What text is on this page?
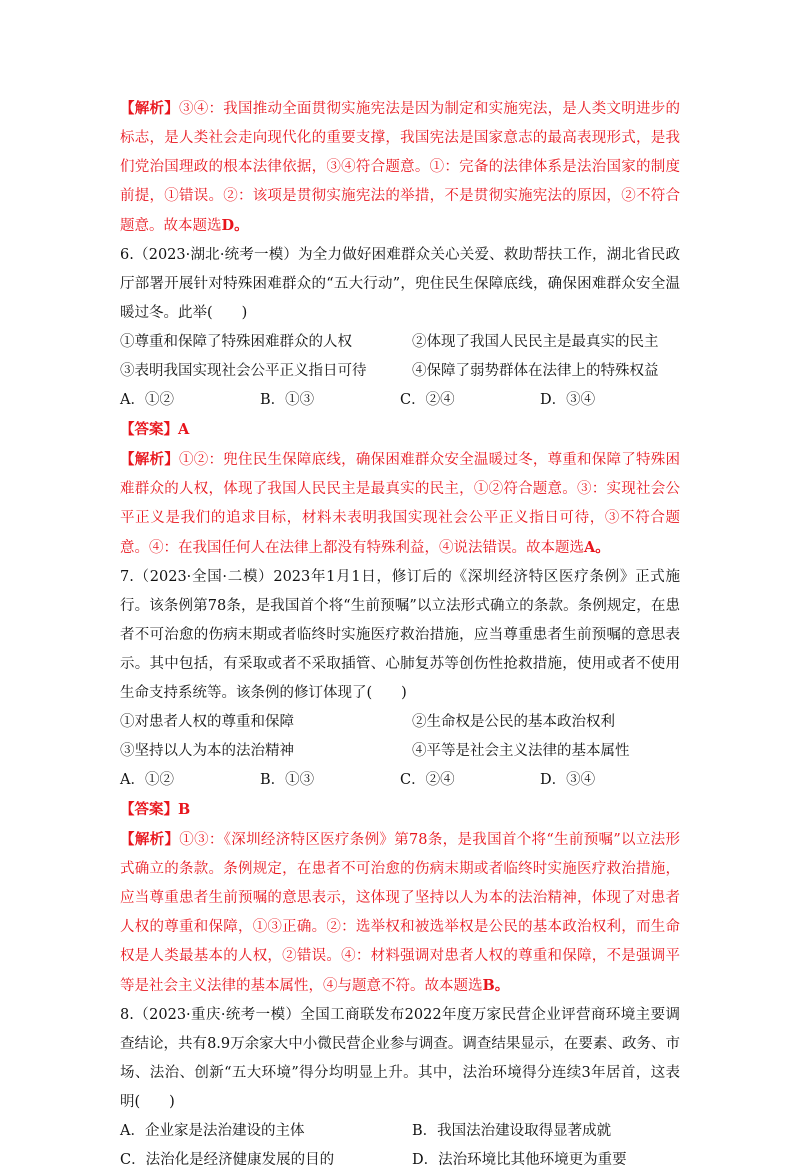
【解析】③④：我国推动全面贯彻实施宪法是因为制定和实施宪法，是人类文明进步的标志，是人类社会走向现代化的重要支撑，我国宪法是国家意志的最高表现形式，是我们党治国理政的根本法律依据，③④符合题意。①：完备的法律体系是法治国家的制度前提，①错误。②：该项是贯彻实施宪法的举措，不是贯彻实施宪法的原因，②不符合题意。故本题选D。

6.（2023·湖北·统考一模）为全力做好困难群众关心关爱、救助帮扶工作，湖北省民政厅部署开展针对特殊困难群众的“五大行动”，兜住民生保障底线，确保困难群众安全温暖过冬。此举(　　)

①尊重和保障了特殊困难群众的人权	②体现了我国人民民主是最真实的民主
③表明我国实现社会公平正义指日可待	④保障了弱势群体在法律上的特殊权益
A．①②	B．①③	C．②④	D．③④

【答案】A

【解析】①②：兜住民生保障底线，确保困难群众安全温暖过冬，尊重和保障了特殊困难群众的人权，体现了我国人民民主是最真实的民主，①②符合题意。③：实现社会公平正义是我们的追求目标，材料未表明我国实现社会公平正义指日可待，③不符合题意。④：在我国任何人在法律上都没有特殊利益，④说法错误。故本题选A。

7.（2023·全国·二模）2023年1月1日，修订后的《深圳经济特区医疗条例》正式施行。该条例第78条，是我国首个将“生前预嘱”以立法形式确立的条款。条例规定，在患者不可治愈的伤病末期或者临终时实施医疗救治措施，应当尊重患者生前预嘱的意思表示。其中包括，有采取或者不采取插管、心肺复苏等创伤性抢救措施，使用或者不使用生命支持系统等。该条例的修订体现了(　　)

①对患者人权的尊重和保障	②生命权是公民的基本政治权利
③坚持以人为本的法治精神	④平等是社会主义法律的基本属性
A．①②	B．①③	C．②④	D．③④

【答案】B

【解析】①③：《深圳经济特区医疗条例》第78条，是我国首个将“生前预嘱”以立法形式确立的条款。条例规定，在患者不可治愈的伤病末期或者临终时实施医疗救治措施，应当尊重患者生前预嘱的意思表示，这体现了坚持以人为本的法治精神，体现了对患者人权的尊重和保障，①③正确。②：选举权和被选举权是公民的基本政治权利，而生命权是人类最基本的人权，②错误。④：材料强调对患者人权的尊重和保障，不是强调平等是社会主义法律的基本属性，④与题意不符。故本题选B。

8.（2023·重庆·统考一模）全国工商联发布2022年度万家民营企业评营商环境主要调查结论，共有8.9万余家大中小微民营企业参与调查。调查结果显示，在要素、政务、市场、法治、创新“五大环境”得分均明显上升。其中，法治环境得分连续3年居首，这表明(　　)

A．企业家是法治建设的主体	B．我国法治建设取得显著成就
C．法治化是经济健康发展的目的	D．法治环境比其他环境更为重要
